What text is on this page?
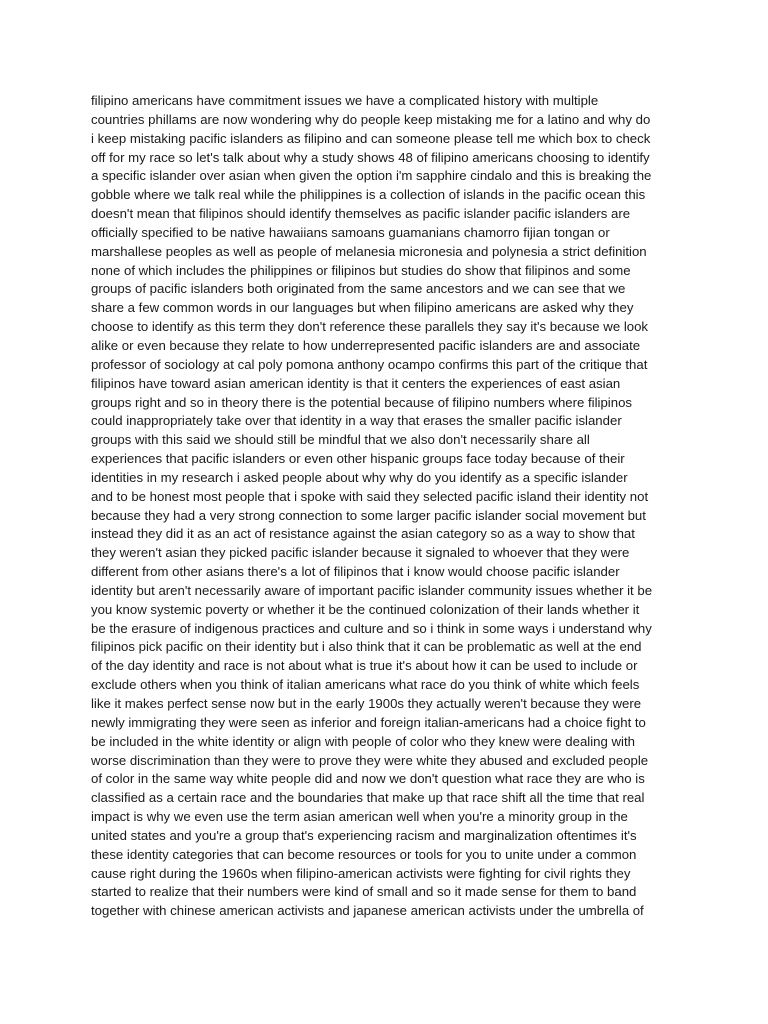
filipino americans have commitment issues we have a complicated history with multiple
countries phillams are now wondering why do people keep mistaking me for a latino and why do
i keep mistaking pacific islanders as filipino and can someone please tell me which box to check
off for my race so let's talk about why a study shows 48 of filipino americans choosing to identify
a specific islander over asian when given the option i'm sapphire cindalo and this is breaking the
gobble where we talk real while the philippines is a collection of islands in the pacific ocean this
doesn't mean that filipinos should identify themselves as pacific islander pacific islanders are
officially specified to be native hawaiians samoans guamanians chamorro fijian tongan or
marshallese peoples as well as people of melanesia micronesia and polynesia a strict definition
none of which includes the philippines or filipinos but studies do show that filipinos and some
groups of pacific islanders both originated from the same ancestors and we can see that we
share a few common words in our languages but when filipino americans are asked why they
choose to identify as this term they don't reference these parallels they say it's because we look
alike or even because they relate to how underrepresented pacific islanders are and associate
professor of sociology at cal poly pomona anthony ocampo confirms this part of the critique that
filipinos have toward asian american identity is that it centers the experiences of east asian
groups right and so in theory there is the potential because of filipino numbers where filipinos
could inappropriately take over that identity in a way that erases the smaller pacific islander
groups with this said we should still be mindful that we also don't necessarily share all
experiences that pacific islanders or even other hispanic groups face today because of their
identities in my research i asked people about why why do you identify as a specific islander
and to be honest most people that i spoke with said they selected pacific island their identity not
because they had a very strong connection to some larger pacific islander social movement but
instead they did it as an act of resistance against the asian category so as a way to show that
they weren't asian they picked pacific islander because it signaled to whoever that they were
different from other asians there's a lot of filipinos that i know would choose pacific islander
identity but aren't necessarily aware of important pacific islander community issues whether it be
you know systemic poverty or whether it be the continued colonization of their lands whether it
be the erasure of indigenous practices and culture and so i think in some ways i understand why
filipinos pick pacific on their identity but i also think that it can be problematic as well at the end
of the day identity and race is not about what is true it's about how it can be used to include or
exclude others when you think of italian americans what race do you think of white which feels
like it makes perfect sense now but in the early 1900s they actually weren't because they were
newly immigrating they were seen as inferior and foreign italian-americans had a choice fight to
be included in the white identity or align with people of color who they knew were dealing with
worse discrimination than they were to prove they were white they abused and excluded people
of color in the same way white people did and now we don't question what race they are who is
classified as a certain race and the boundaries that make up that race shift all the time that real
impact is why we even use the term asian american well when you're a minority group in the
united states and you're a group that's experiencing racism and marginalization oftentimes it's
these identity categories that can become resources or tools for you to unite under a common
cause right during the 1960s when filipino-american activists were fighting for civil rights they
started to realize that their numbers were kind of small and so it made sense for them to band
together with chinese american activists and japanese american activists under the umbrella of
